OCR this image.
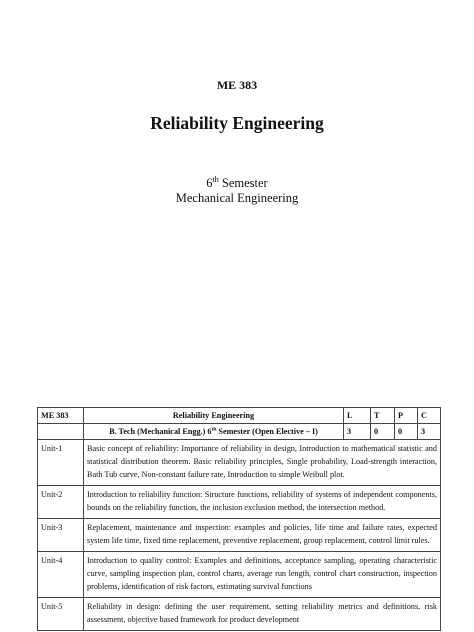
ME 383
Reliability Engineering
6th Semester
Mechanical Engineering
ME 383	Reliability Engineering	L	T	P	C
	B. Tech (Mechanical Engg.) 6th Semester (Open Elective – I)	3	0	0	3
Unit-1	Basic concept of reliability: Importance of reliability in design, Introduction to mathematical statistic and statistical distribution theorem. Basic reliability principles, Single probability, Load-strength interaction, Bath Tub curve, Non-constant failure rate, Introduction to simple Weibull plot.				
Unit-2	Introduction to reliability function: Structure functions, reliability of systems of independent components, bounds on the reliability function, the inclusion exclusion method, the intersection method.				
Unit-3	Replacement, maintenance and inspection: examples and policies, life time and failure rates, expected system life time, fixed time replacement, preventive replacement, group replacement, control limit rules.				
Unit-4	Introduction to quality control: Examples and definitions, acceptance sampling, operating characteristic curve, sampling inspection plan, control charts, average run length, control chart construction, inspection problems, identification of risk factors, estimating survival functions				
Unit-5	Reliability in design: defining the user requirement, setting reliability metrics and definitions, risk assessment, objective based framework for product development				
